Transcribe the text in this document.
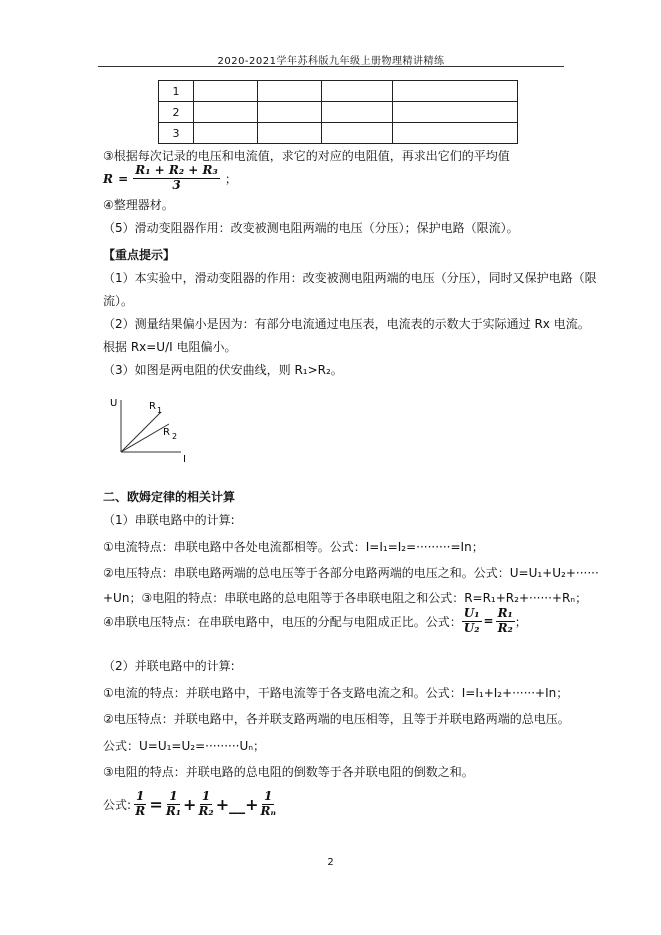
2020-2021学年苏科版九年级上册物理精讲精练
1				
2				
3				
③根据每次记录的电压和电流值，求它的对应的电阻值，再求出它们的平均值
$R = \frac{\text{R₁ + R₂ + R₃}}{3}$ ；
④整理器材。
（5）滑动变阻器作用：改变被测电阻两端的电压（分压）；保护电路（限流）。
【重点提示】
（1）本实验中，滑动变阻器的作用：改变被测电阻两端的电压（分压），同时又保护电路（限
流）。
（2）测量结果偏小是因为：有部分电流通过电压表，电流表的示数大于实际通过 Rx 电流。
根据 Rx=U/I 电阻偏小。
（3）如图是两电阻的伏安曲线，则 R₁>R₂。
U
I
R 1
R 2
二、欧姆定律的相关计算
（1）串联电路中的计算:
①电流特点：串联电路中各处电流都相等。公式：I=I₁=I₂=·········=In；
②电压特点：串联电路两端的总电压等于各部分电路两端的电压之和。公式：U=U₁+U₂+······
+Un；③电阻的特点：串联电路的总电阻等于各串联电阻之和公式：R=R₁+R₂+······+Rₙ；
④串联电压特点：在串联电路中，电压的分配与电阻成正比。公式： $\frac{\text{U₁}}{\text{U₂}} = \frac{\text{R₁}}{\text{R₂}}$ ；
（2）并联电路中的计算:
①电流的特点：并联电路中，干路电流等于各支路电流之和。公式：I=I₁+I₂+······+In；
②电压特点：并联电路中，各并联支路两端的电压相等，且等于并联电路两端的总电压。
公式：U=U₁=U₂=·········Uₙ；
③电阻的特点：并联电路的总电阻的倒数等于各并联电阻的倒数之和。
公式: $\frac{1}{R} = \frac{1}{\text{R₁}} + \frac{1}{\text{R₂}}$ +__+ $\frac{1}{\text{Rₙ}}$
2
